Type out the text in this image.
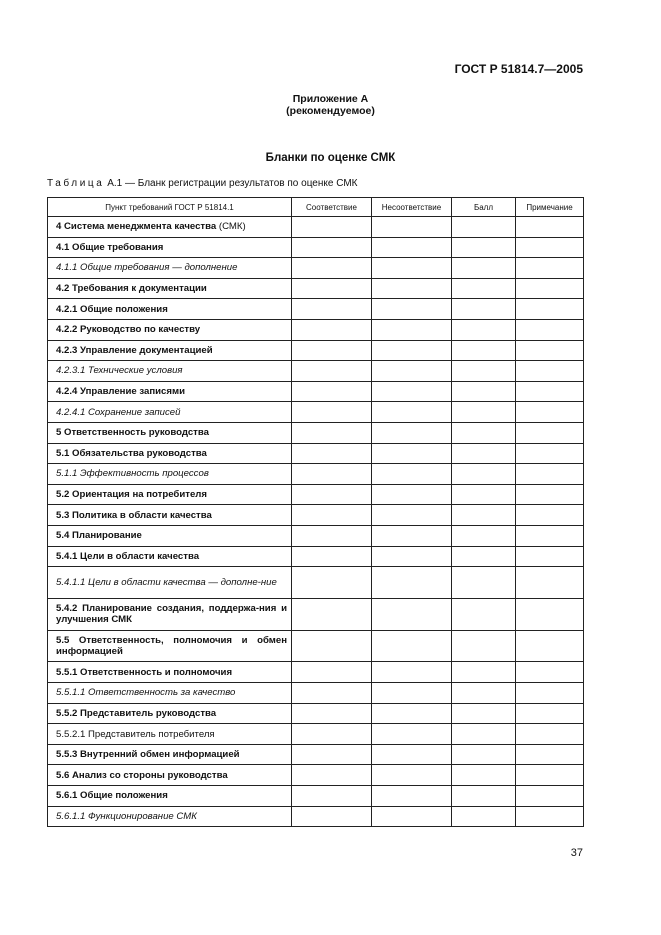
ГОСТ Р 51814.7—2005
Приложение А
(рекомендуемое)
Бланки по оценке СМК
Таблица А.1 — Бланк регистрации результатов по оценке СМК
Пункт требований ГОСТ Р 51814.1	Соответствие	Несоответствие	Балл	Примечание
4 Система менеджмента качества (СМК)				
4.1 Общие требования				
4.1.1 Общие требования — дополнение				
4.2 Требования к документации				
4.2.1 Общие положения				
4.2.2 Руководство по качеству				
4.2.3 Управление документацией				
4.2.3.1 Технические условия				
4.2.4 Управление записями				
4.2.4.1 Сохранение записей				
5 Ответственность руководства				
5.1 Обязательства руководства				
5.1.1 Эффективность процессов				
5.2 Ориентация на потребителя				
5.3 Политика в области качества				
5.4 Планирование				
5.4.1 Цели в области качества				
5.4.1.1 Цели в области качества — дополне-ние				
5.4.2 Планирование создания, поддержа-ния и улучшения СМК				
5.5 Ответственность, полномочия и обмен информацией				
5.5.1 Ответственность и полномочия				
5.5.1.1 Ответственность за качество				
5.5.2 Представитель руководства				
5.5.2.1 Представитель потребителя				
5.5.3 Внутренний обмен информацией				
5.6 Анализ со стороны руководства				
5.6.1 Общие положения				
5.6.1.1 Функционирование СМК				
37
